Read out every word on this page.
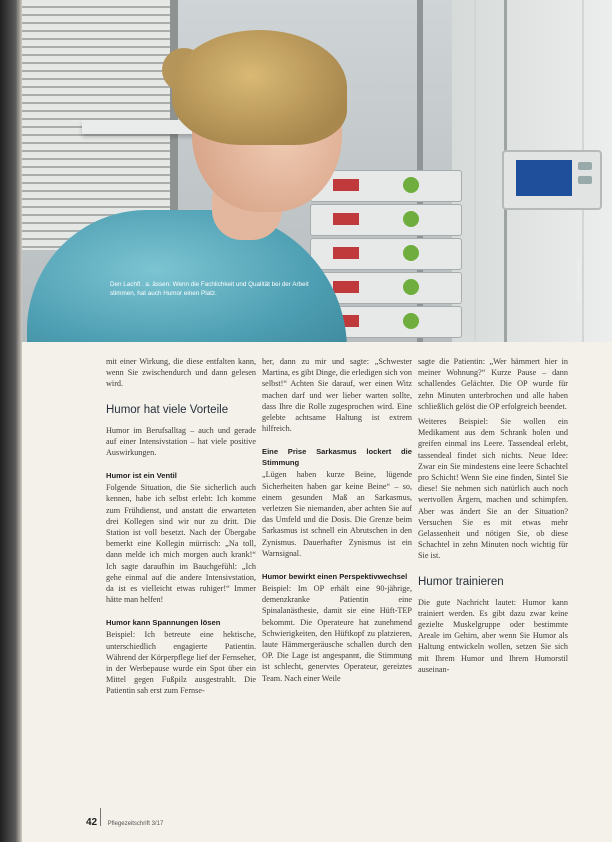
Den Lachfl . a. ässen: Wenn die Fachlichkeit und Qualität bei der Arbeit stimmen, hat auch Humor einen Platz.	Foto: Werner Krüper

mit einer Wirkung, die diese entfalten kann, wenn Sie zwischendurch und dann gelesen wird.

Humor hat viele Vorteile

Humor im Berufsalltag – auch und gerade auf einer Intensivstation – hat viele positive Auswirkungen.

Humor ist ein Ventil

Folgende Situation, die Sie sicherlich auch kennen, habe ich selbst erlebt: Ich komme zum Frühdienst, und anstatt die erwarteten drei Kollegen sind wir nur zu dritt. Die Station ist voll besetzt. Nach der Übergabe bemerkt eine Kollegin mürrisch: „Na toll, dann melde ich mich morgen auch krank!“ Ich sagte daraufhin im Bauchgefühl: „Ich gehe einmal auf die andere Intensivstation, da ist es vielleicht etwas ruhiger!“ Immer hätte man helfen!

Humor kann Spannungen lösen

Beispiel: Ich betreute eine hektische, unterschiedlich engagierte Patientin. Während der Körperpflege lief der Fernseher, in der Werbepause wurde ein Spot über ein Mittel gegen Fußpilz ausgestrahlt. Die Patientin sah erst zum Fernse-

her, dann zu mir und sagte: „Schwester Martina, es gibt Dinge, die erledigen sich von selbst!“ Achten Sie darauf, wer einen Witz machen darf und wer lieber warten sollte, dass Ihre die Rolle zugesprochen wird. Eine gelebte achtsame Haltung ist extrem hilfreich.

Eine Prise Sarkasmus lockert die Stimmung

„Lügen haben kurze Beine, lügende Sicherheiten haben gar keine Beine“ – so, einem gesunden Maß an Sarkasmus, verletzen Sie niemanden, aber achten Sie auf das Umfeld und die Dosis. Die Grenze beim Sarkasmus ist schnell ein Abrutschen in den Zynismus. Dauerhafter Zynismus ist ein Warnsignal.

Humor bewirkt einen Perspektivwechsel

Beispiel: Im OP erhält eine 90-jährige, demenzkranke Patientin eine Spinalanästhesie, damit sie eine Hüft-TEP bekommt. Die Operateure hat zunehmend Schwierigkeiten, den Hüftkopf zu platzieren, laute Hämmergeräusche schallen durch den OP. Die Lage ist angespannt, die Stimmung ist schlecht, genervtes Operateur, gereiztes Team. Nach einer Weile

sagte die Patientin: „Wer hämmert hier in meiner Wohnung?“ Kurze Pause – dann schallendes Gelächter. Die OP wurde für zehn Minuten unterbrochen und alle haben schließlich gelöst die OP erfolgreich beendet.

Weiteres Beispiel: Sie wollen ein Medikament aus dem Schrank holen und greifen einmal ins Leere. Tassendeal erlebt, tassendeal findet sich nichts. Neue Idee: Zwar ein Sie mindestens eine leere Schachtel pro Schicht! Wenn Sie eine finden, Sintel Sie diese! Sie nehmen sich natürlich auch noch wertvollen Ärgern, machen und schimpfen. Aber was ändert Sie an der Situation? Versuchen Sie es mit etwas mehr Gelassenheit und nötigen Sie, ob diese Schachtel in zehn Minuten noch wichtig für Sie ist.

Humor trainieren

Die gute Nachricht lautet: Humor kann trainiert werden. Es gibt dazu zwar keine gezielte Muskelgruppe oder bestimmte Areale im Gehirn, aber wenn Sie Humor als Haltung entwickeln wollen, setzen Sie sich mit Ihrem Humor und Ihrem Humorstil auseinan-

42 Pflegezeitschrift 3/17
